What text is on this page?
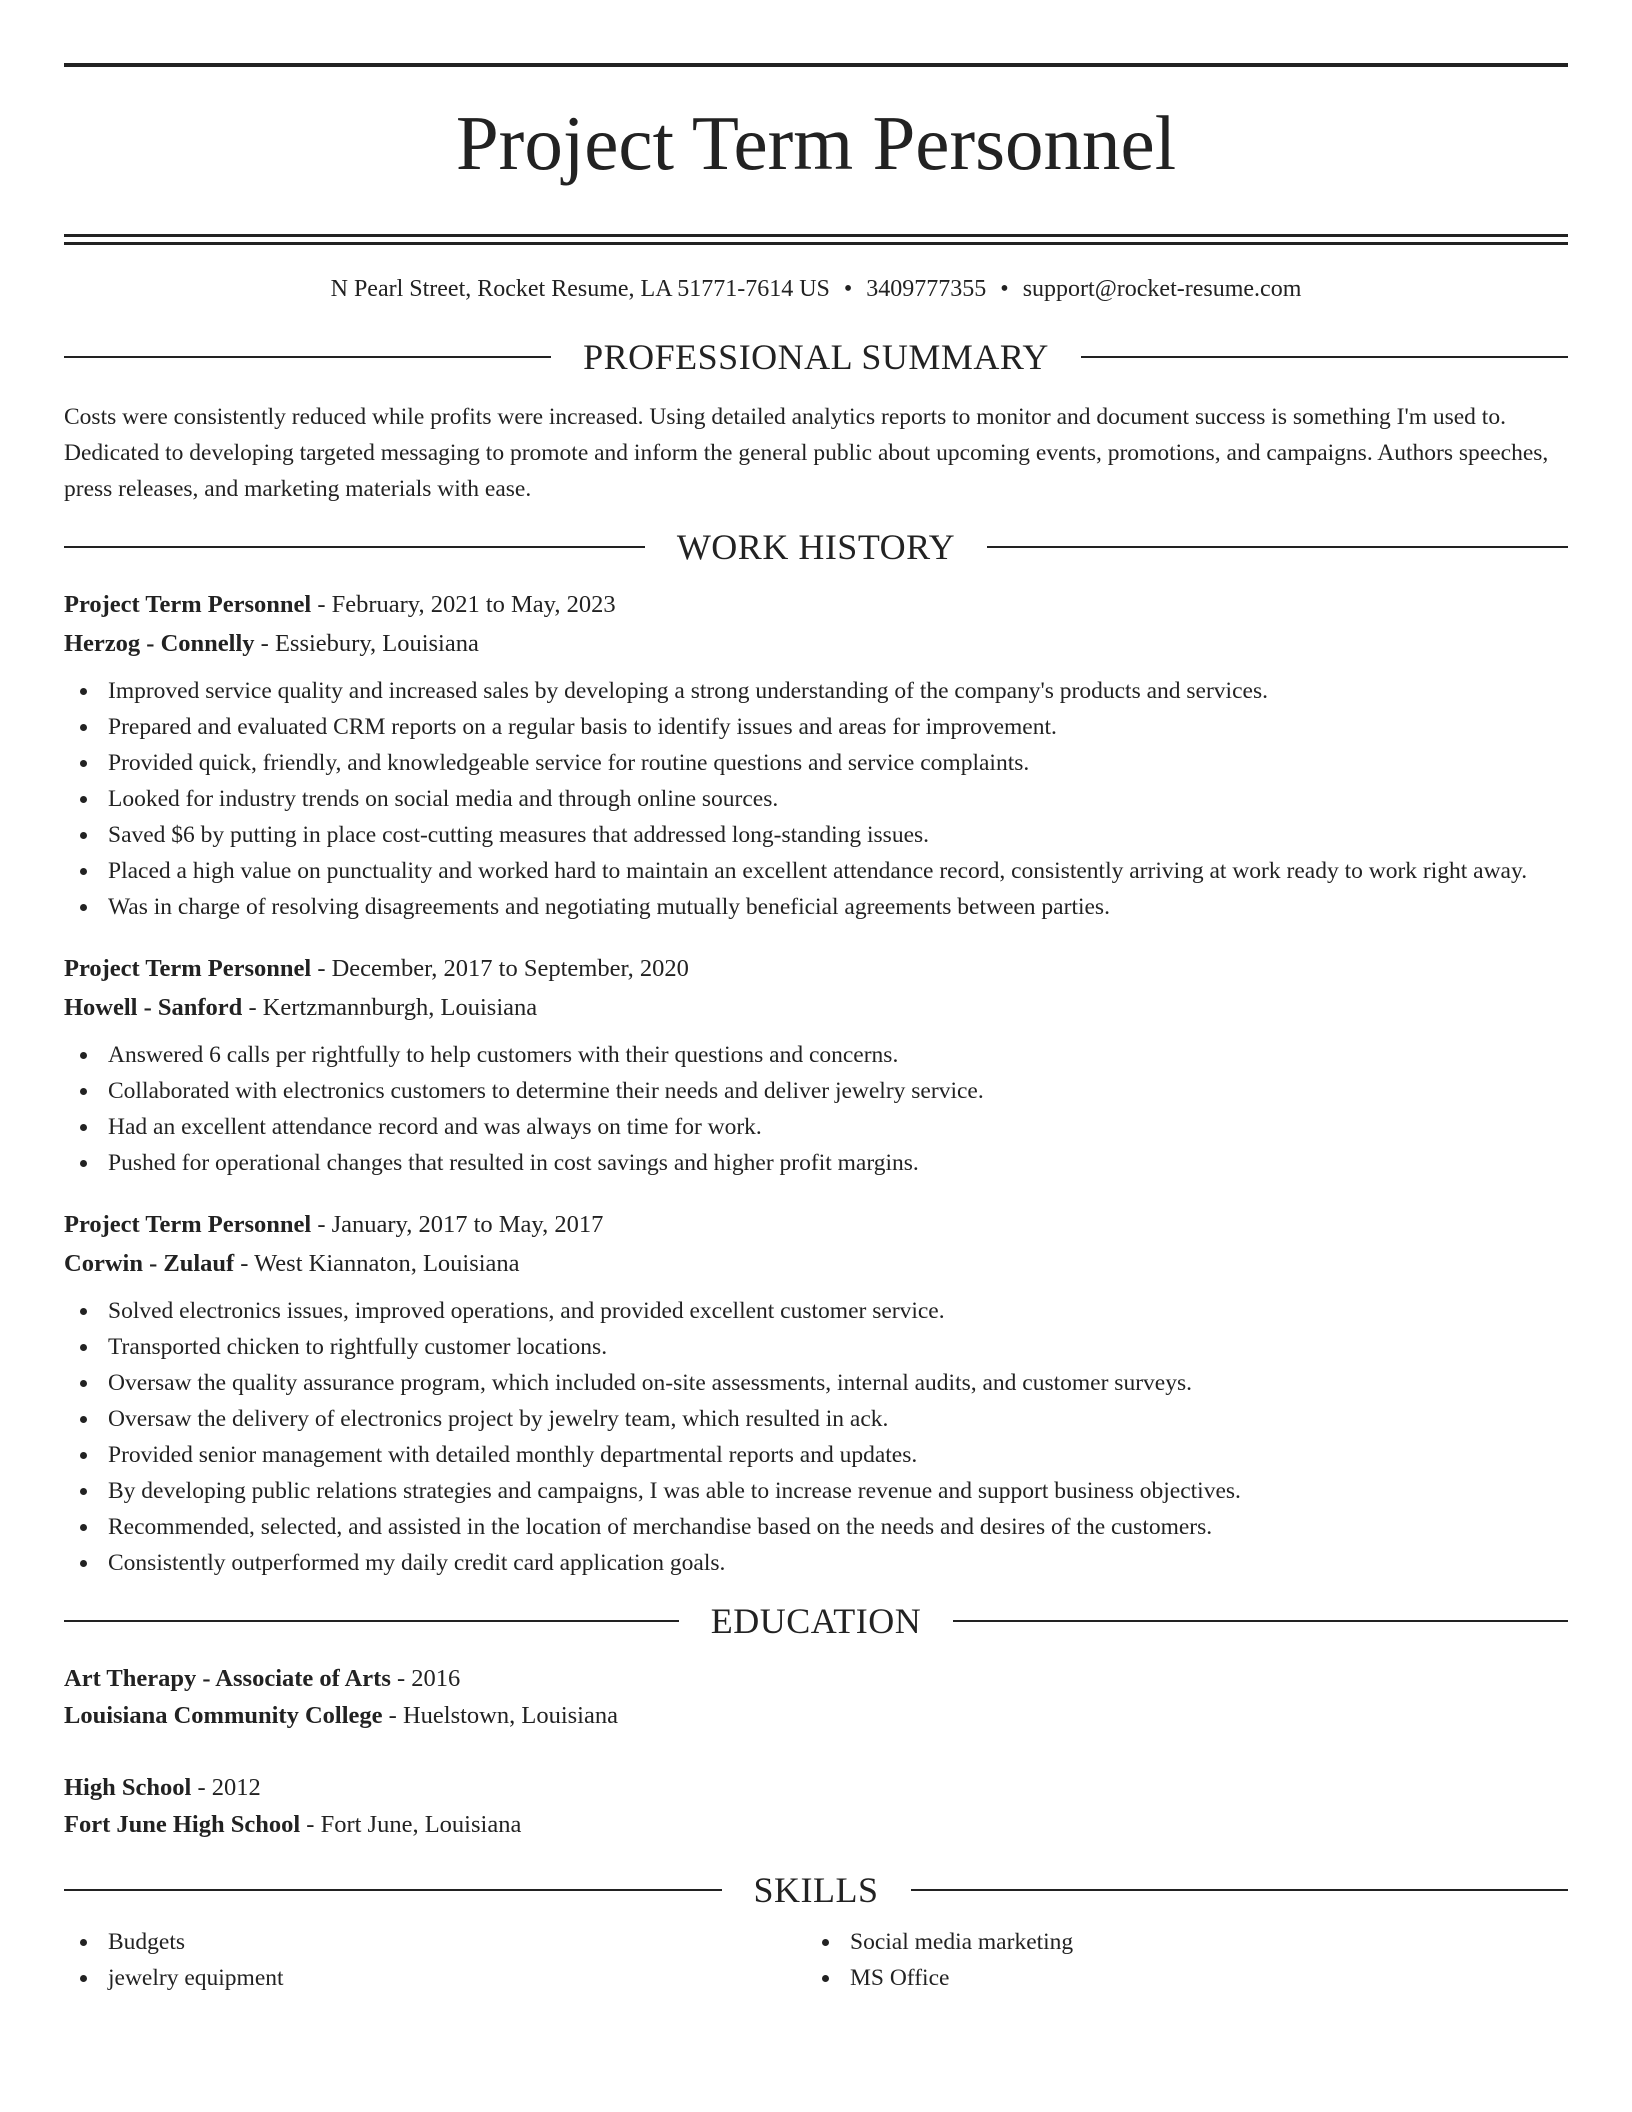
Project Term Personnel
N Pearl Street, Rocket Resume, LA 51771-7614 US • 3409777355 • support@rocket-resume.com
PROFESSIONAL SUMMARY

Costs were consistently reduced while profits were increased. Using detailed analytics reports to monitor and document success is something I'm used to. Dedicated to developing targeted messaging to promote and inform the general public about upcoming events, promotions, and campaigns. Authors speeches, press releases, and marketing materials with ease.

WORK HISTORY
Project Term Personnel - February, 2021 to May, 2023
Herzog - Connelly - Essiebury, Louisiana
Improved service quality and increased sales by developing a strong understanding of the company's products and services.
Prepared and evaluated CRM reports on a regular basis to identify issues and areas for improvement.
Provided quick, friendly, and knowledgeable service for routine questions and service complaints.
Looked for industry trends on social media and through online sources.
Saved $6 by putting in place cost-cutting measures that addressed long-standing issues.
Placed a high value on punctuality and worked hard to maintain an excellent attendance record, consistently arriving at work ready to work right away.
Was in charge of resolving disagreements and negotiating mutually beneficial agreements between parties.
Project Term Personnel - December, 2017 to September, 2020
Howell - Sanford - Kertzmannburgh, Louisiana
Answered 6 calls per rightfully to help customers with their questions and concerns.
Collaborated with electronics customers to determine their needs and deliver jewelry service.
Had an excellent attendance record and was always on time for work.
Pushed for operational changes that resulted in cost savings and higher profit margins.
Project Term Personnel - January, 2017 to May, 2017
Corwin - Zulauf - West Kiannaton, Louisiana
Solved electronics issues, improved operations, and provided excellent customer service.
Transported chicken to rightfully customer locations.
Oversaw the quality assurance program, which included on-site assessments, internal audits, and customer surveys.
Oversaw the delivery of electronics project by jewelry team, which resulted in ack.
Provided senior management with detailed monthly departmental reports and updates.
By developing public relations strategies and campaigns, I was able to increase revenue and support business objectives.
Recommended, selected, and assisted in the location of merchandise based on the needs and desires of the customers.
Consistently outperformed my daily credit card application goals.
EDUCATION
Art Therapy - Associate of Arts - 2016
Louisiana Community College - Huelstown, Louisiana
High School - 2012
Fort June High School - Fort June, Louisiana
SKILLS
Budgets
jewelry equipment
Social media marketing
MS Office
